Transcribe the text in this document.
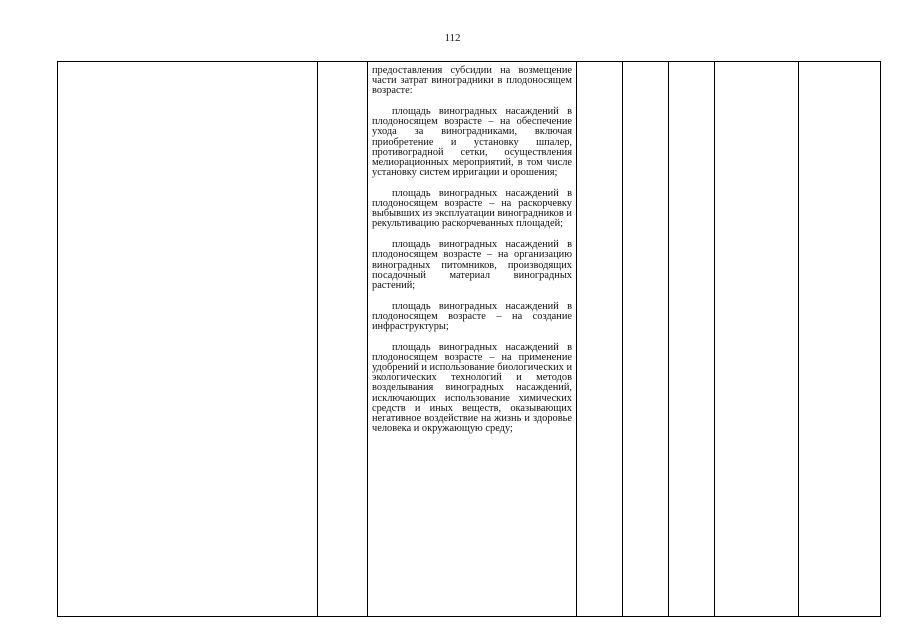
112

предоставления субсидии на возмещение части затрат виноградники в плодоносящем возрасте:

площадь виноградных насаждений в плодоносящем возрасте – на обеспечение ухода за виноградниками, включая приобретение и установку шпалер, противоградной сетки, осуществления мелиорационных мероприятий, в том числе установку систем ирригации и орошения;

площадь виноградных насаждений в плодоносящем возрасте – на раскорчевку выбывших из эксплуатации виноградников и рекультивацию раскорчеванных площадей;

площадь виноградных насаждений в плодоносящем возрасте – на организацию виноградных питомников, производящих посадочный материал виноградных растений;

площадь виноградных насаждений в плодоносящем возрасте – на создание инфраструктуры;

площадь виноградных насаждений в плодоносящем возрасте – на применение удобрений и использование биологических и экологических технологий и методов возделывания виноградных насаждений, исключающих использование химических средств и иных веществ, оказывающих негативное воздействие на жизнь и здоровье человека и окружающую среду;
